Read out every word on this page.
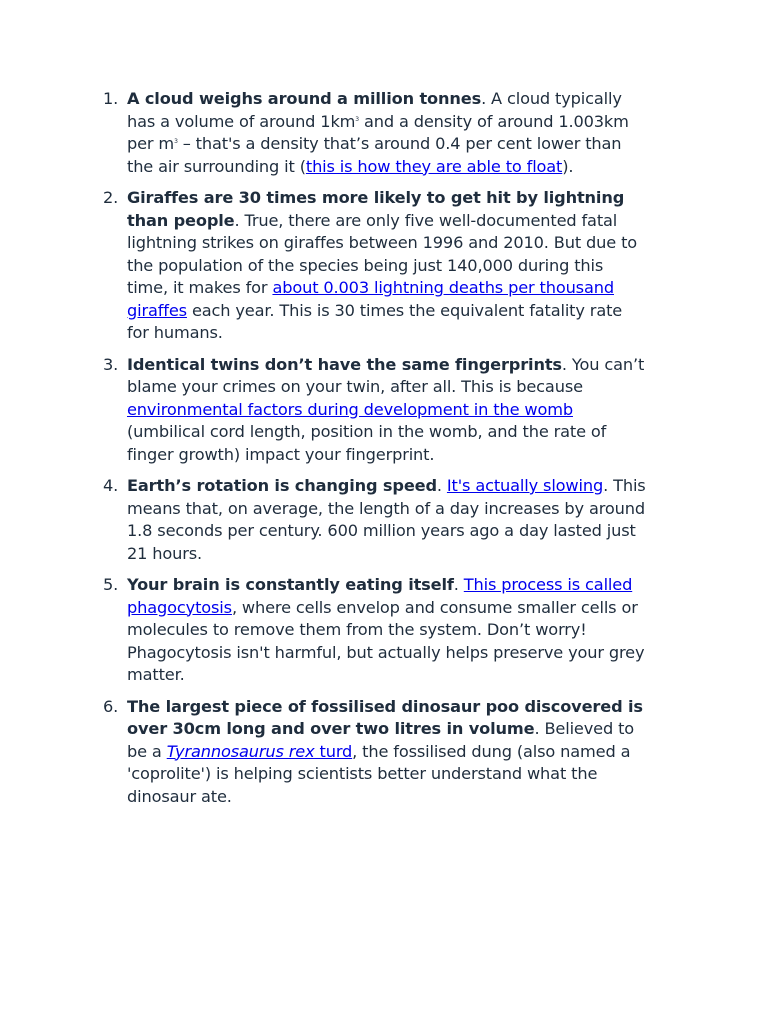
1. A cloud weighs around a million tonnes. A cloud typically has a volume of around $1km^3$ and a density of around 1.003km per $m^3$ – that's a density that’s around 0.4 per cent lower than the air surrounding it (this is how they are able to float).
2. Giraffes are 30 times more likely to get hit by lightning than people. True, there are only five well-documented fatal lightning strikes on giraffes between 1996 and 2010. But due to the population of the species being just 140,000 during this time, it makes for about 0.003 lightning deaths per thousand giraffes each year. This is 30 times the equivalent fatality rate for humans.
3. Identical twins don’t have the same fingerprints. You can’t blame your crimes on your twin, after all. This is because environmental factors during development in the womb (umbilical cord length, position in the womb, and the rate of finger growth) impact your fingerprint.
4. Earth’s rotation is changing speed. It's actually slowing. This means that, on average, the length of a day increases by around 1.8 seconds per century. 600 million years ago a day lasted just 21 hours.
5. Your brain is constantly eating itself. This process is called phagocytosis, where cells envelop and consume smaller cells or molecules to remove them from the system. Don’t worry! Phagocytosis isn't harmful, but actually helps preserve your grey matter.
6. The largest piece of fossilised dinosaur poo discovered is over 30cm long and over two litres in volume. Believed to be a Tyrannosaurus rex turd, the fossilised dung (also named a 'coprolite') is helping scientists better understand what the dinosaur ate.
